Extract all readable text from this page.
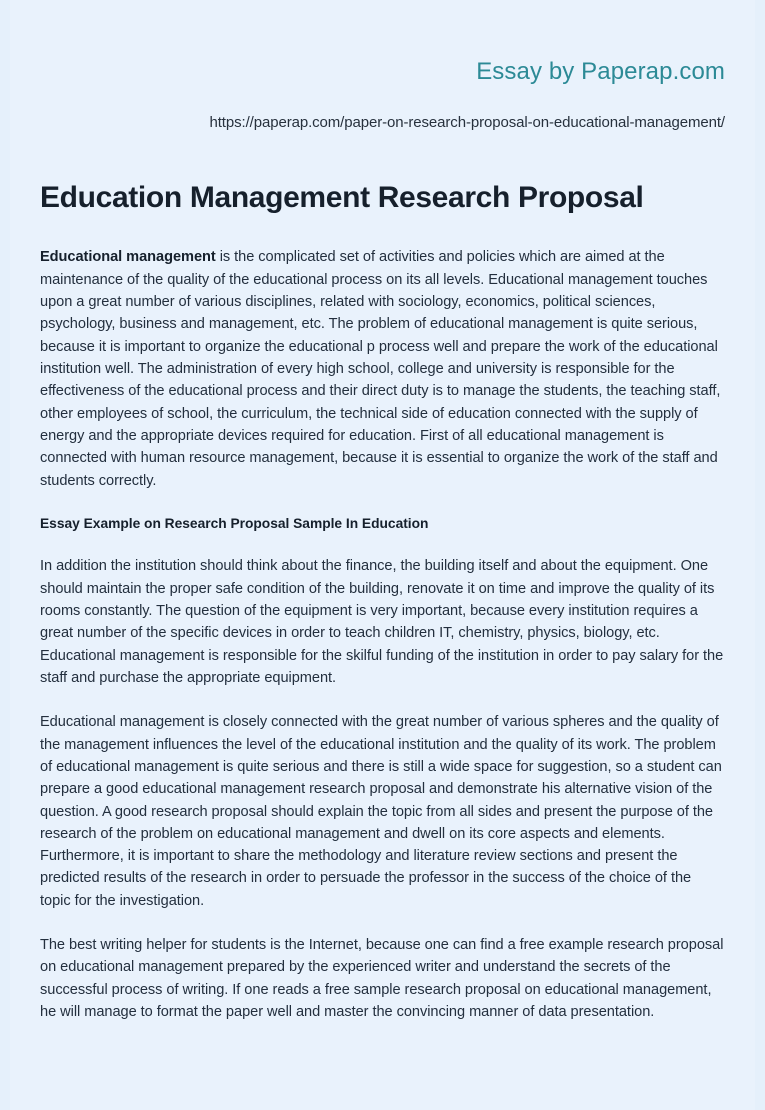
Essay by Paperap.com
https://paperap.com/paper-on-research-proposal-on-educational-management/
Education Management Research Proposal

Educational management is the complicated set of activities and policies which are aimed at the maintenance of the quality of the educational process on its all levels. Educational management touches upon a great number of various disciplines, related with sociology, economics, political sciences, psychology, business and management, etc. The problem of educational management is quite serious, because it is important to organize the educational p process well and prepare the work of the educational institution well. The administration of every high school, college and university is responsible for the effectiveness of the educational process and their direct duty is to manage the students, the teaching staff, other employees of school, the curriculum, the technical side of education connected with the supply of energy and the appropriate devices required for education. First of all educational management is connected with human resource management, because it is essential to organize the work of the staff and students correctly.

Essay Example on Research Proposal Sample In Education

In addition the institution should think about the finance, the building itself and about the equipment. One should maintain the proper safe condition of the building, renovate it on time and improve the quality of its rooms constantly. The question of the equipment is very important, because every institution requires a great number of the specific devices in order to teach children IT, chemistry, physics, biology, etc. Educational management is responsible for the skilful funding of the institution in order to pay salary for the staff and purchase the appropriate equipment.

Educational management is closely connected with the great number of various spheres and the quality of the management influences the level of the educational institution and the quality of its work. The problem of educational management is quite serious and there is still a wide space for suggestion, so a student can prepare a good educational management research proposal and demonstrate his alternative vision of the question. A good research proposal should explain the topic from all sides and present the purpose of the research of the problem on educational management and dwell on its core aspects and elements. Furthermore, it is important to share the methodology and literature review sections and present the predicted results of the research in order to persuade the professor in the success of the choice of the topic for the investigation.

The best writing helper for students is the Internet, because one can find a free example research proposal on educational management prepared by the experienced writer and understand the secrets of the successful process of writing. If one reads a free sample research proposal on educational management, he will manage to format the paper well and master the convincing manner of data presentation.
